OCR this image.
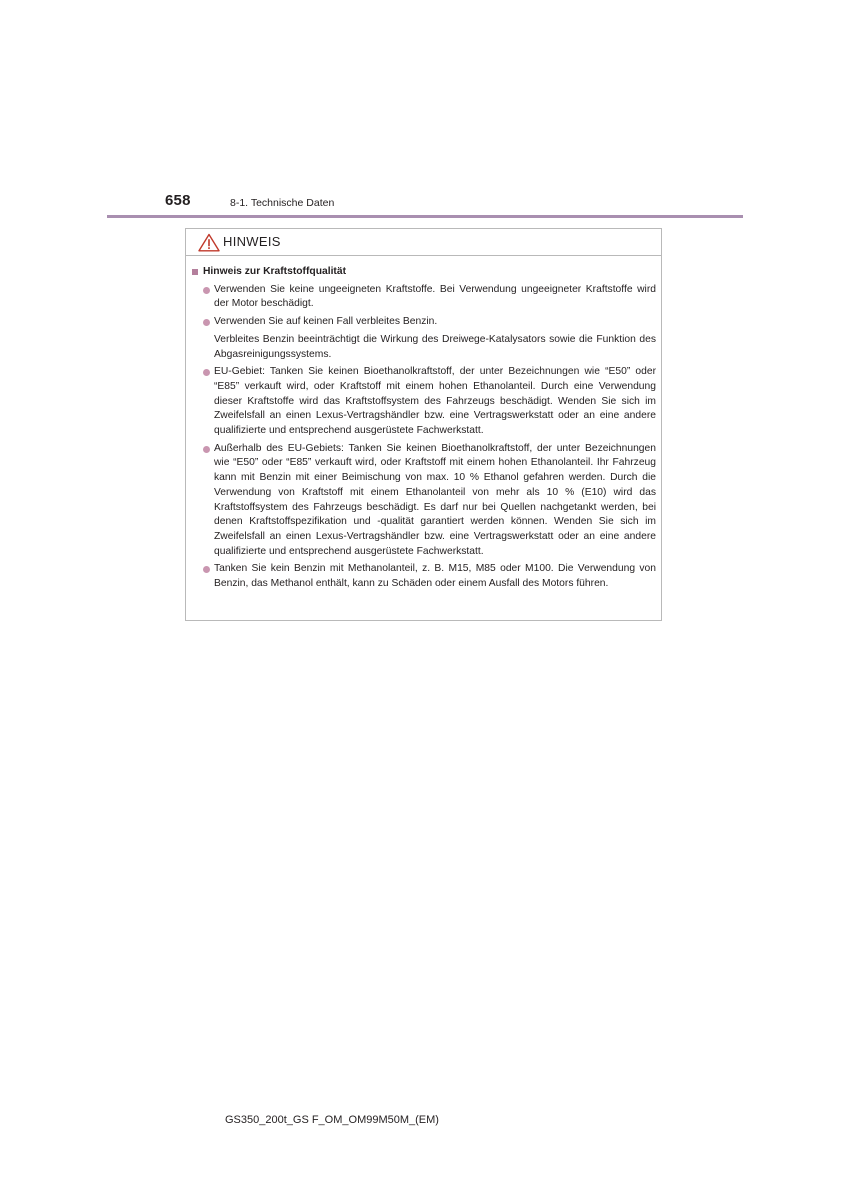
658	8-1. Technische Daten
HINWEIS
Hinweis zur Kraftstoffqualität
Verwenden Sie keine ungeeigneten Kraftstoffe. Bei Verwendung ungeeigneter Kraftstoffe wird der Motor beschädigt.
Verwenden Sie auf keinen Fall verbleites Benzin.
Verbleites Benzin beeinträchtigt die Wirkung des Dreiwege-Katalysators sowie die Funktion des Abgasreinigungssystems.
EU-Gebiet: Tanken Sie keinen Bioethanolkraftstoff, der unter Bezeichnungen wie “E50” oder “E85” verkauft wird, oder Kraftstoff mit einem hohen Ethanolanteil. Durch eine Verwendung dieser Kraftstoffe wird das Kraftstoffsystem des Fahrzeugs beschädigt. Wenden Sie sich im Zweifelsfall an einen Lexus-Vertragshändler bzw. eine Vertragswerkstatt oder an eine andere qualifizierte und entsprechend ausgerüstete Fachwerkstatt.
Außerhalb des EU-Gebiets: Tanken Sie keinen Bioethanolkraftstoff, der unter Bezeichnungen wie “E50” oder “E85” verkauft wird, oder Kraftstoff mit einem hohen Ethanolanteil. Ihr Fahrzeug kann mit Benzin mit einer Beimischung von max. 10 % Ethanol gefahren werden. Durch die Verwendung von Kraftstoff mit einem Ethanolanteil von mehr als 10 % (E10) wird das Kraftstoffsystem des Fahrzeugs beschädigt. Es darf nur bei Quellen nachgetankt werden, bei denen Kraftstoffspezifikation und -qualität garantiert werden können. Wenden Sie sich im Zweifelsfall an einen Lexus-Vertragshändler bzw. eine Vertragswerkstatt oder an eine andere qualifizierte und entsprechend ausgerüstete Fachwerkstatt.
Tanken Sie kein Benzin mit Methanolanteil, z. B. M15, M85 oder M100. Die Verwendung von Benzin, das Methanol enthält, kann zu Schäden oder einem Ausfall des Motors führen.
GS350_200t_GS F_OM_OM99M50M_(EM)
